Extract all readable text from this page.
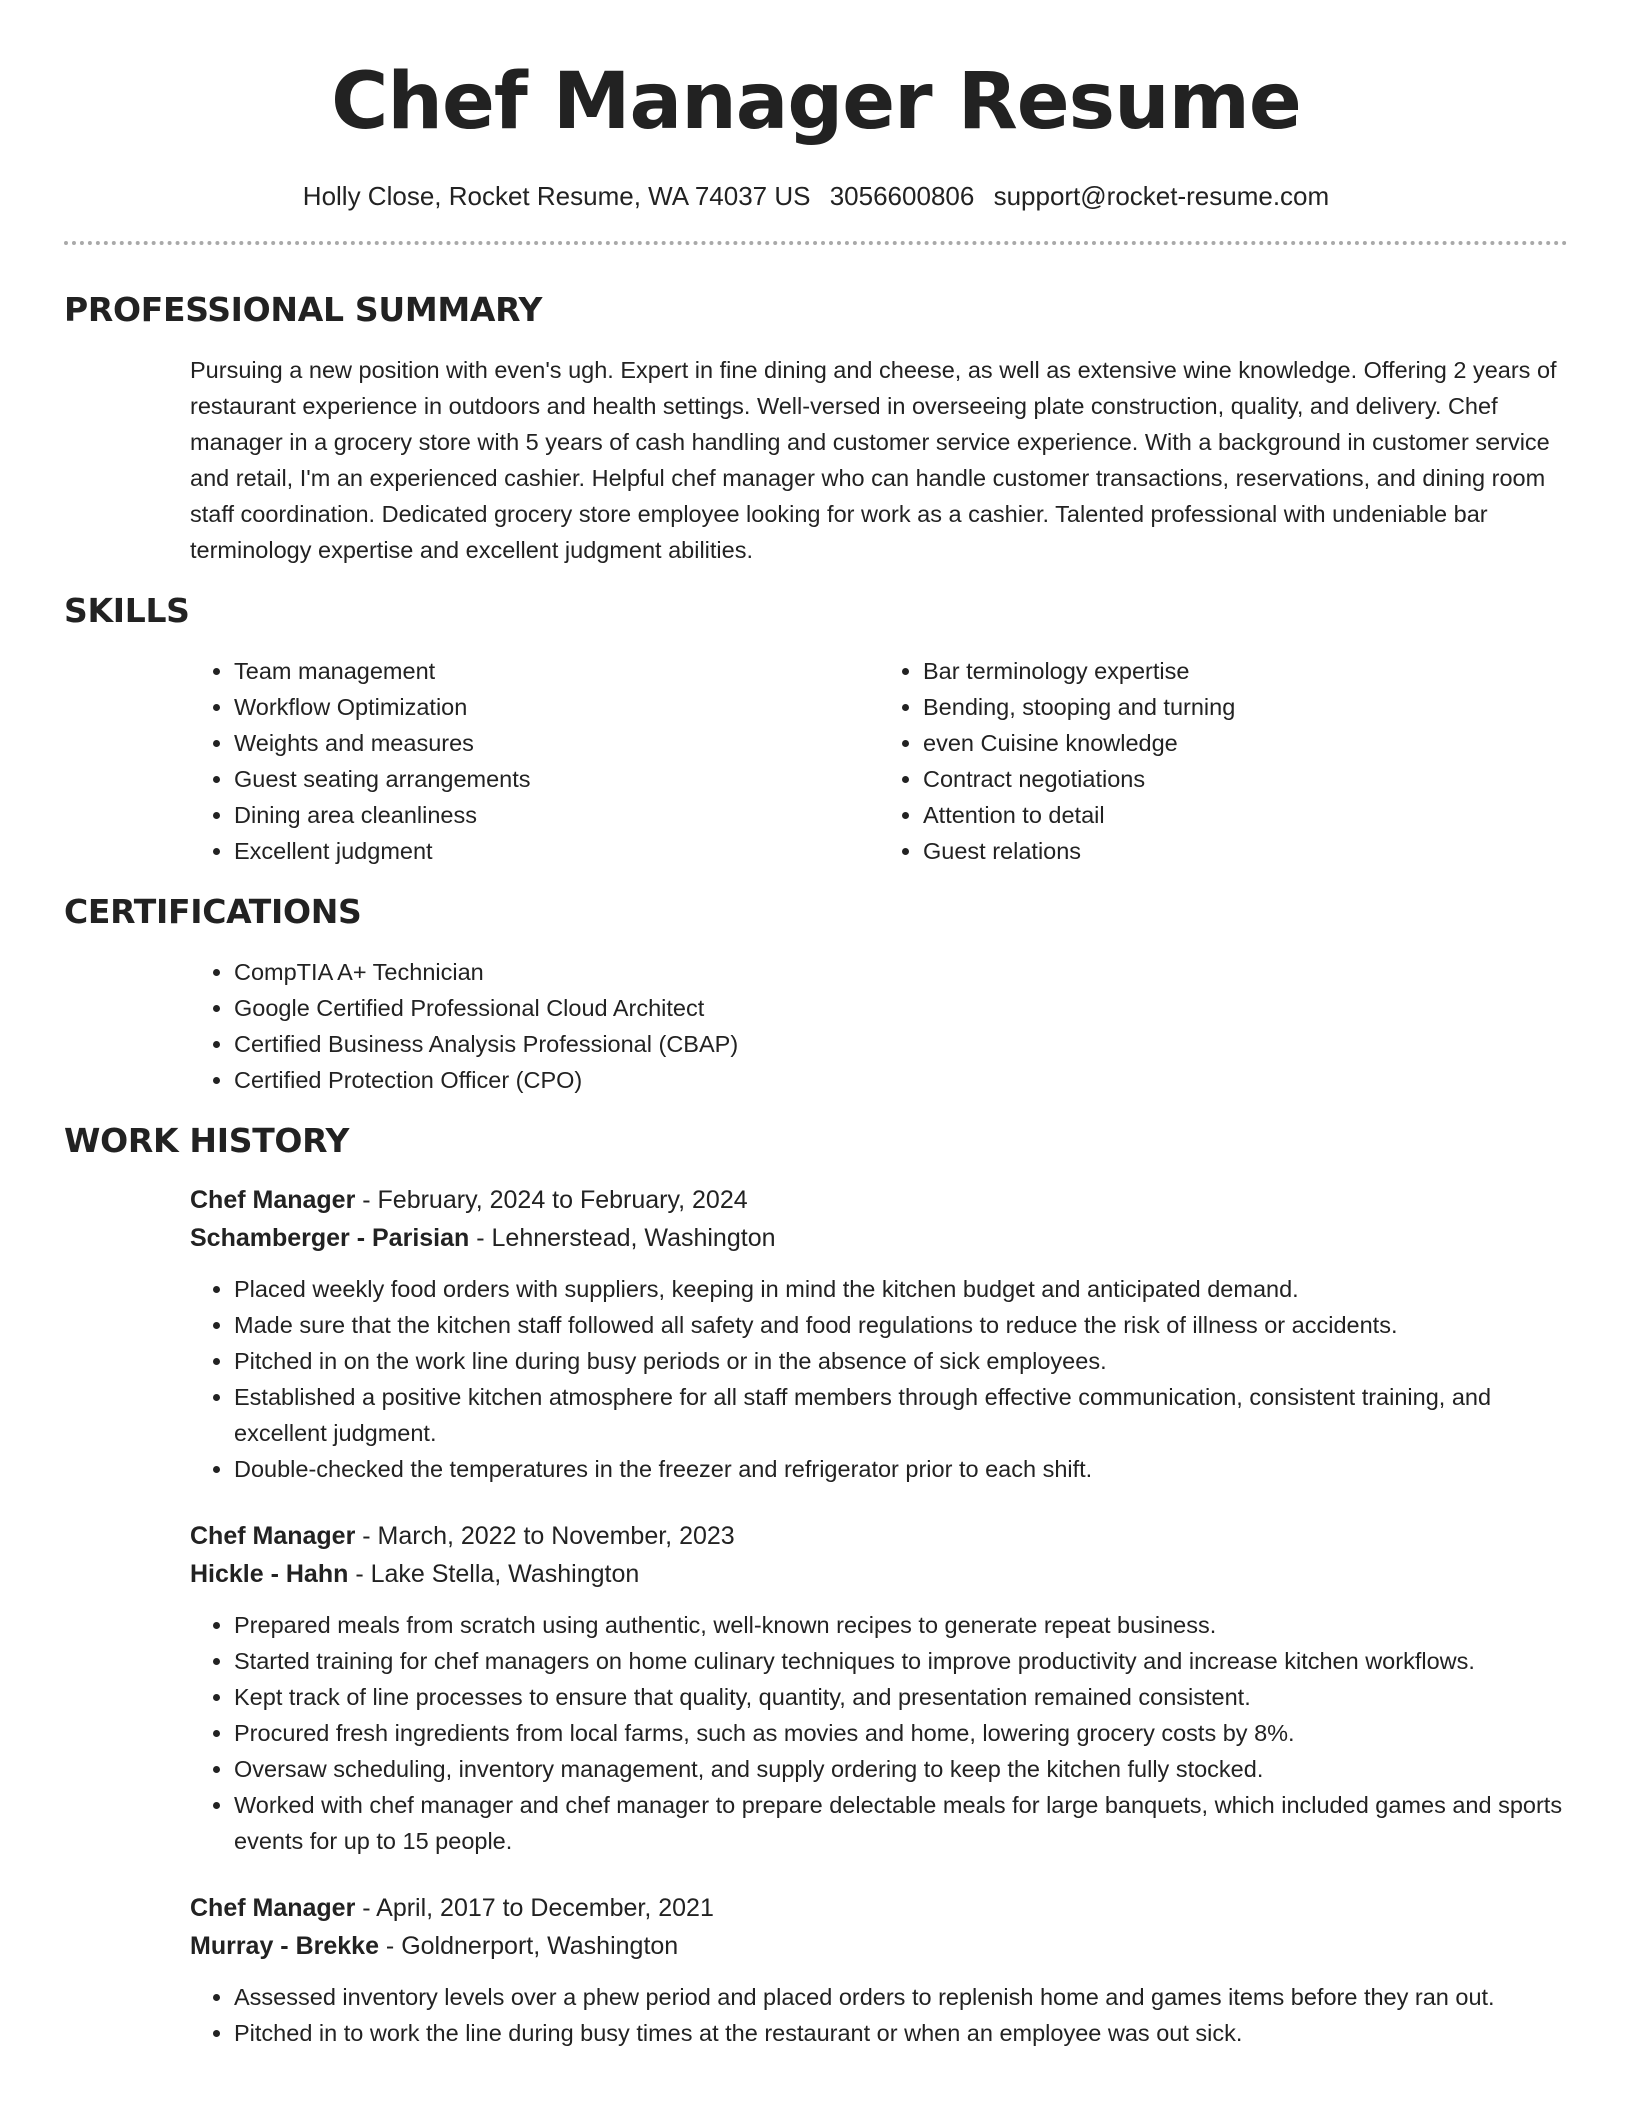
Chef Manager Resume
Holly Close, Rocket Resume, WA 74037 US 3056600806 support@rocket-resume.com
PROFESSIONAL SUMMARY

Pursuing a new position with even's ugh. Expert in fine dining and cheese, as well as extensive wine knowledge. Offering 2 years of restaurant experience in outdoors and health settings. Well-versed in overseeing plate construction, quality, and delivery. Chef manager in a grocery store with 5 years of cash handling and customer service experience. With a background in customer service and retail, I'm an experienced cashier. Helpful chef manager who can handle customer transactions, reservations, and dining room staff coordination. Dedicated grocery store employee looking for work as a cashier. Talented professional with undeniable bar terminology expertise and excellent judgment abilities.

SKILLS
• Team management
• Workflow Optimization
• Weights and measures
• Guest seating arrangements
• Dining area cleanliness
• Excellent judgment
• Bar terminology expertise
• Bending, stooping and turning
• even Cuisine knowledge
• Contract negotiations
• Attention to detail
• Guest relations
CERTIFICATIONS
• CompTIA A+ Technician
• Google Certified Professional Cloud Architect
• Certified Business Analysis Professional (CBAP)
• Certified Protection Officer (CPO)
WORK HISTORY
Chef Manager - February, 2024 to February, 2024
Schamberger - Parisian - Lehnerstead, Washington
• Placed weekly food orders with suppliers, keeping in mind the kitchen budget and anticipated demand.
• Made sure that the kitchen staff followed all safety and food regulations to reduce the risk of illness or accidents.
• Pitched in on the work line during busy periods or in the absence of sick employees.
• Established a positive kitchen atmosphere for all staff members through effective communication, consistent training, and excellent judgment.
• Double-checked the temperatures in the freezer and refrigerator prior to each shift.
Chef Manager - March, 2022 to November, 2023
Hickle - Hahn - Lake Stella, Washington
• Prepared meals from scratch using authentic, well-known recipes to generate repeat business.
• Started training for chef managers on home culinary techniques to improve productivity and increase kitchen workflows.
• Kept track of line processes to ensure that quality, quantity, and presentation remained consistent.
• Procured fresh ingredients from local farms, such as movies and home, lowering grocery costs by 8%.
• Oversaw scheduling, inventory management, and supply ordering to keep the kitchen fully stocked.
• Worked with chef manager and chef manager to prepare delectable meals for large banquets, which included games and sports events for up to 15 people.
Chef Manager - April, 2017 to December, 2021
Murray - Brekke - Goldnerport, Washington
• Assessed inventory levels over a phew period and placed orders to replenish home and games items before they ran out.
• Pitched in to work the line during busy times at the restaurant or when an employee was out sick.
